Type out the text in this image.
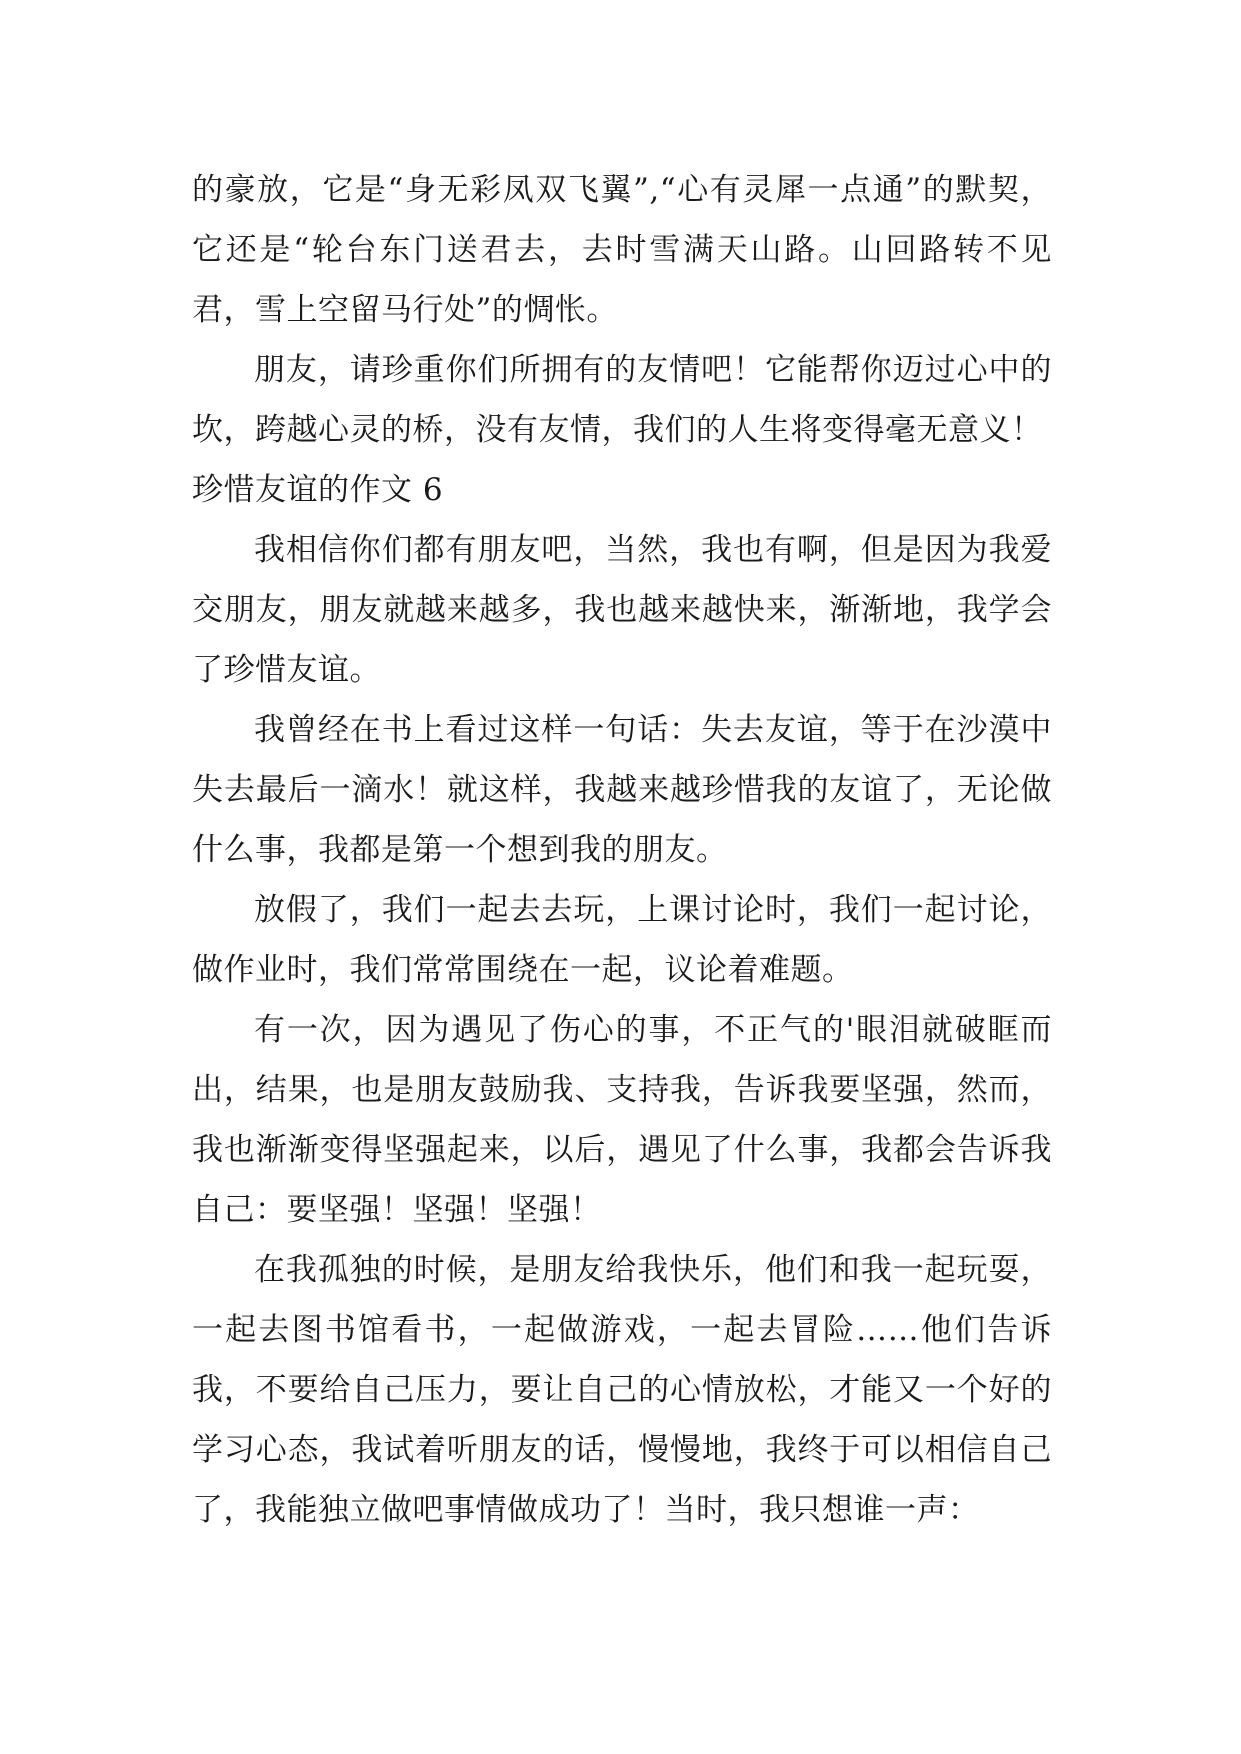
的豪放，它是“身无彩凤双飞翼”,“心有灵犀一点通”的默契，它还是“轮台东门送君去，去时雪满天山路。山回路转不见君，雪上空留马行处”的惆怅。

朋友，请珍重你们所拥有的友情吧！它能帮你迈过心中的坎，跨越心灵的桥，没有友情，我们的人生将变得毫无意义！

珍惜友谊的作文 6

我相信你们都有朋友吧，当然，我也有啊，但是因为我爱交朋友，朋友就越来越多，我也越来越快来，渐渐地，我学会了珍惜友谊。

我曾经在书上看过这样一句话：失去友谊，等于在沙漠中失去最后一滴水！就这样，我越来越珍惜我的友谊了，无论做什么事，我都是第一个想到我的朋友。

放假了，我们一起去去玩，上课讨论时，我们一起讨论，做作业时，我们常常围绕在一起，议论着难题。

有一次，因为遇见了伤心的事，不正气的'眼泪就破眶而出，结果，也是朋友鼓励我、支持我，告诉我要坚强，然而，我也渐渐变得坚强起来，以后，遇见了什么事，我都会告诉我自己：要坚强！坚强！坚强！

在我孤独的时候，是朋友给我快乐，他们和我一起玩耍，一起去图书馆看书，一起做游戏，一起去冒险……他们告诉我，不要给自己压力，要让自己的心情放松，才能又一个好的学习心态，我试着听朋友的话，慢慢地，我终于可以相信自己了，我能独立做吧事情做成功了！当时，我只想谁一声：
